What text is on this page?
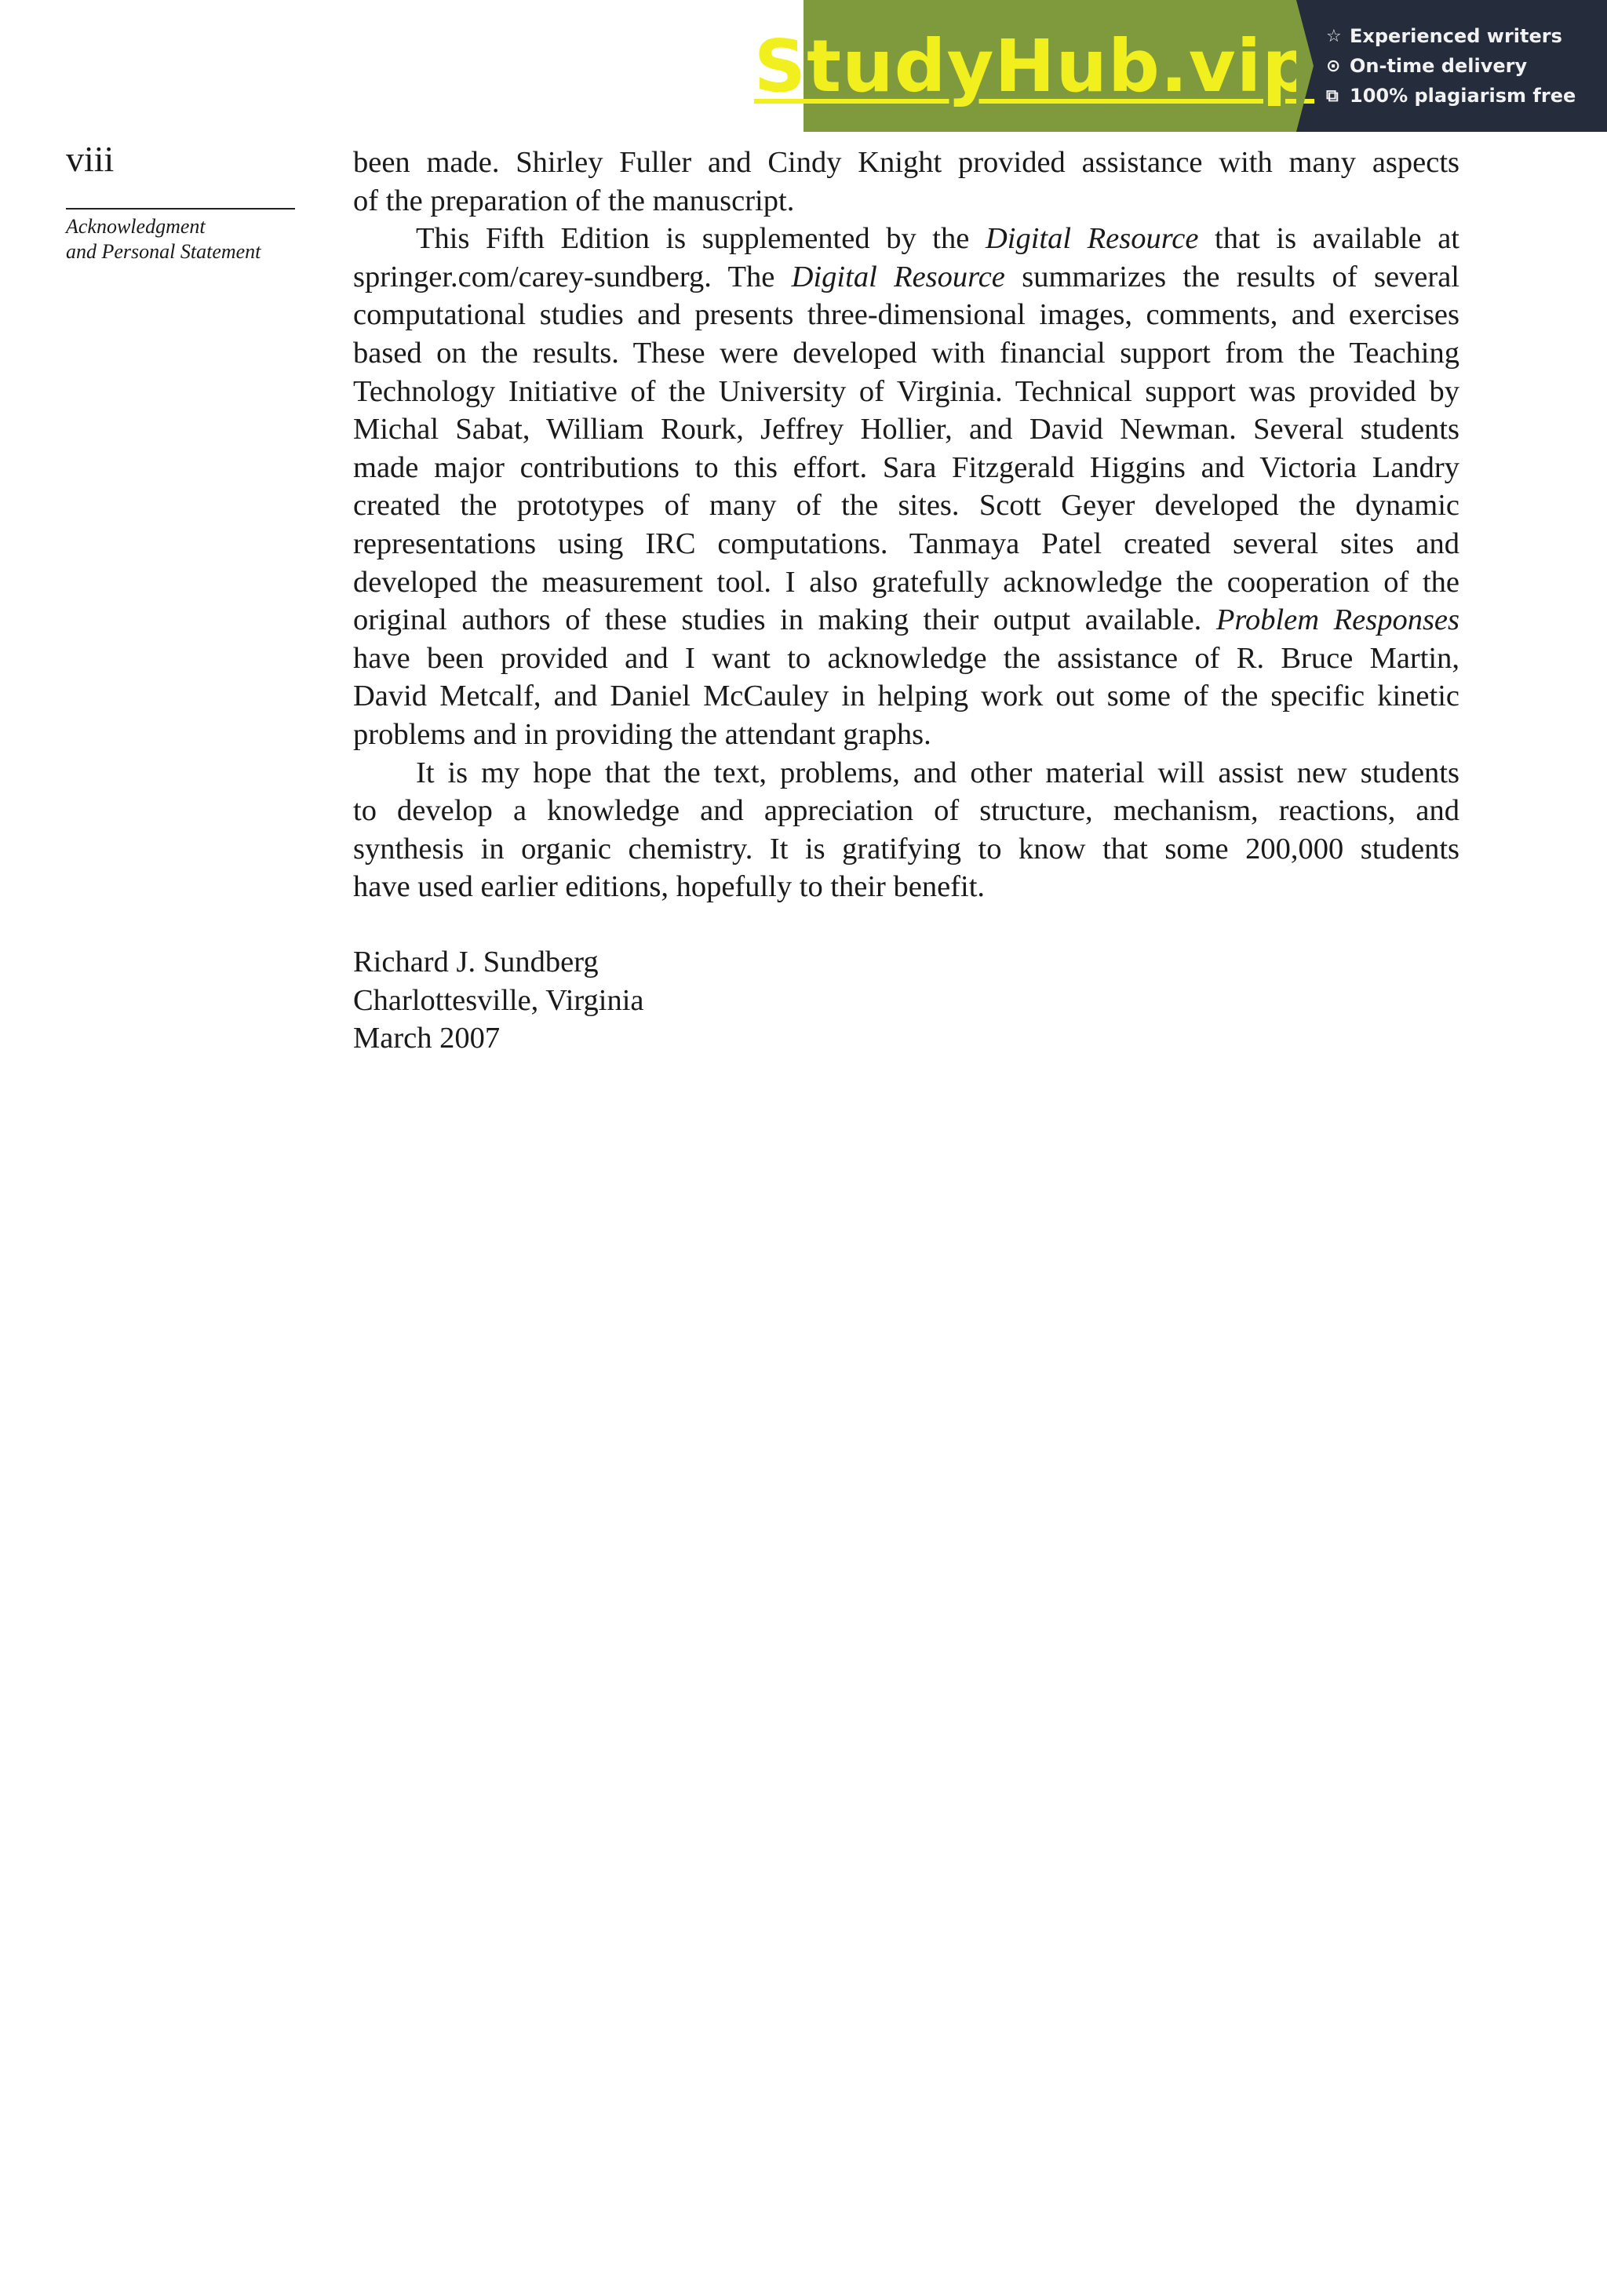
StudyHub.vip ☆ Experienced writers
⊙ On-time delivery
⧉ 100% plagiarism free
viii
Acknowledgment
and Personal Statement

been made. Shirley Fuller and Cindy Knight provided assistance with many aspects

of the preparation of the manuscript.

This Fifth Edition is supplemented by the Digital Resource that is available at

springer.com/carey-sundberg. The Digital Resource summarizes the results of several

computational studies and presents three-dimensional images, comments, and exercises

based on the results. These were developed with financial support from the Teaching

Technology Initiative of the University of Virginia. Technical support was provided by

Michal Sabat, William Rourk, Jeffrey Hollier, and David Newman. Several students

made major contributions to this effort. Sara Fitzgerald Higgins and Victoria Landry

created the prototypes of many of the sites. Scott Geyer developed the dynamic

representations using IRC computations. Tanmaya Patel created several sites and

developed the measurement tool. I also gratefully acknowledge the cooperation of the

original authors of these studies in making their output available. Problem Responses

have been provided and I want to acknowledge the assistance of R. Bruce Martin,

David Metcalf, and Daniel McCauley in helping work out some of the specific kinetic

problems and in providing the attendant graphs.

It is my hope that the text, problems, and other material will assist new students

to develop a knowledge and appreciation of structure, mechanism, reactions, and

synthesis in organic chemistry. It is gratifying to know that some 200,000 students

have used earlier editions, hopefully to their benefit.

Richard J. Sundberg
Charlottesville, Virginia
March 2007
